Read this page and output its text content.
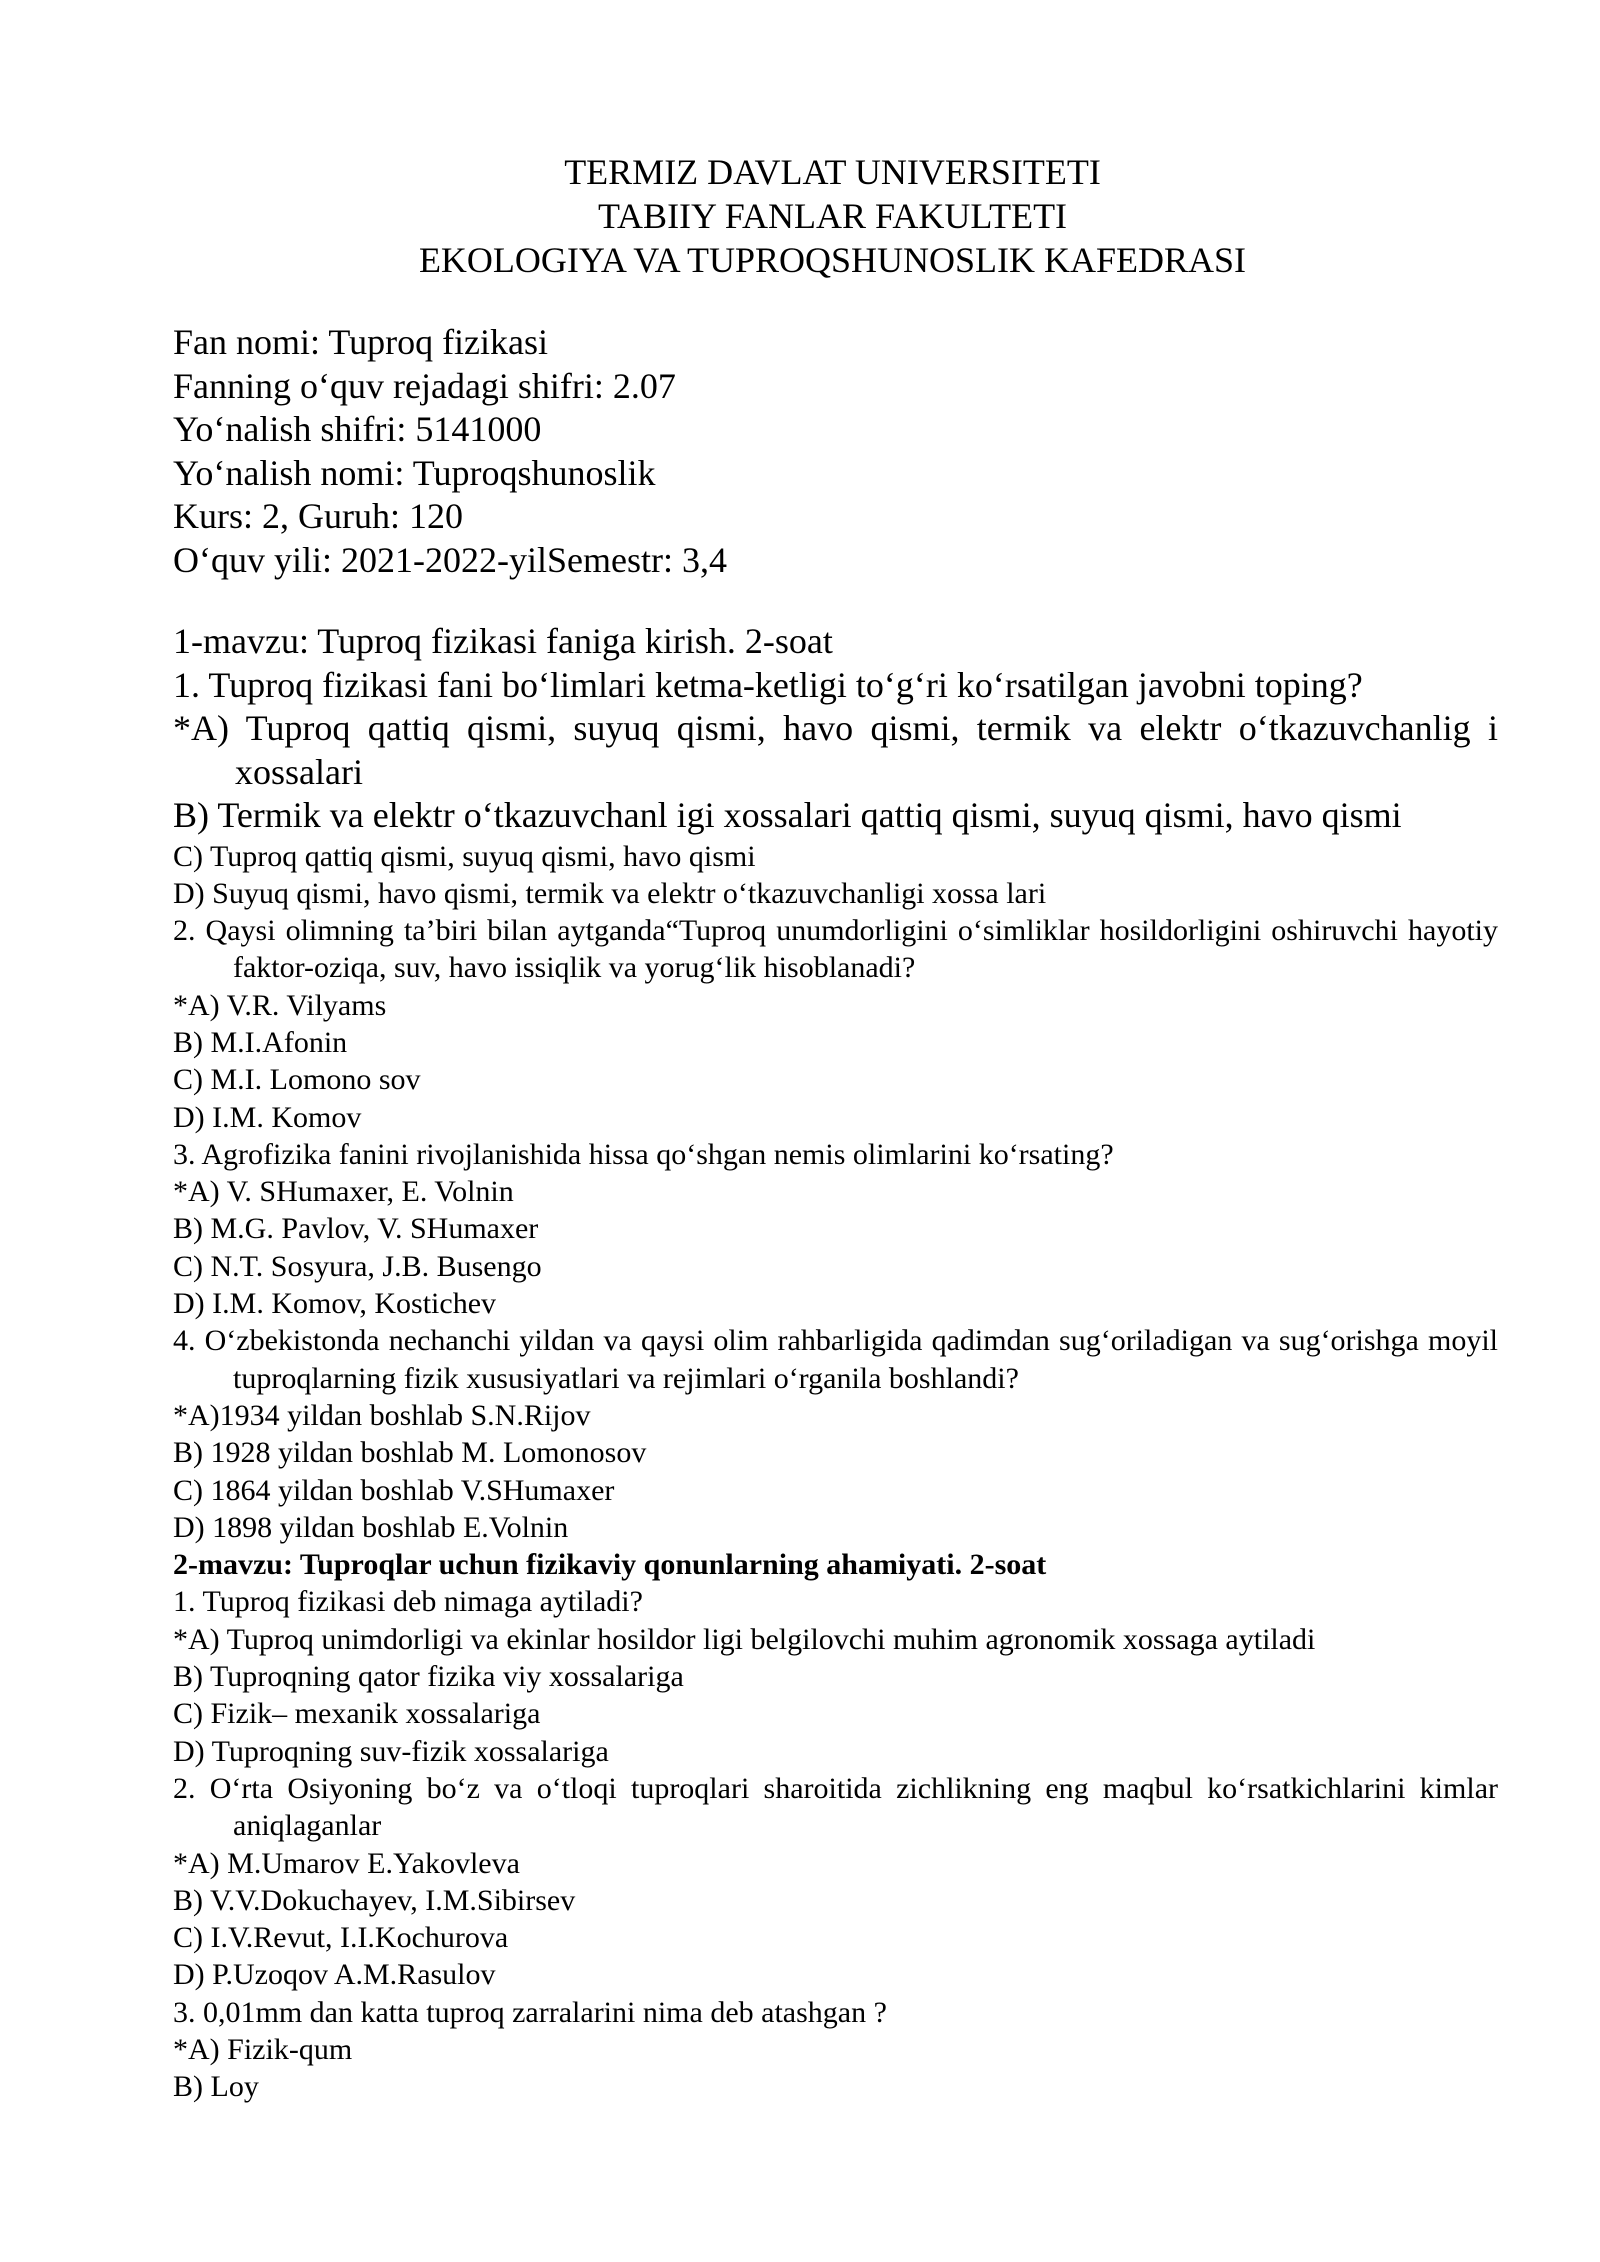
TERMIZ DAVLAT UNIVERSITETI
TABIIY FANLAR FAKULTETI
EKOLOGIYA VA TUPROQSHUNOSLIK KAFEDRASI
Fan nomi: Tuproq fizikasi
Fanning o‘quv rejadagi shifri: 2.07
Yo‘nalish shifri: 5141000
Yo‘nalish nomi: Tuproqshunoslik
Kurs: 2, Guruh: 120
O‘quv yili: 2021-2022-yilSemestr: 3,4
1-mavzu: Tuproq fizikasi faniga kirish. 2-soat
1. Tuproq fizikasi fani bo‘limlari ketma-ketligi to‘g‘ri ko‘rsatilgan javobni toping?
*A) Tuproq qattiq qismi, suyuq qismi, havo qismi, termik va elektr o‘tkazuvchanlig i xossalari
B) Termik va elektr o‘tkazuvchanl igi xossalari qattiq qismi, suyuq qismi, havo qismi
C) Tuproq qattiq qismi, suyuq qismi, havo qismi
D) Suyuq qismi, havo qismi, termik va elektr o‘tkazuvchanligi xossa lari
2. Qaysi olimning ta’biri bilan aytganda“Tuproq unumdorligini o‘simliklar hosildorligini oshiruvchi hayotiy faktor-oziqa, suv, havo issiqlik va yorug‘lik hisoblanadi?
*A) V.R. Vilyams
B) M.I.Afonin
C) M.I. Lomono sov
D) I.M. Komov
3. Agrofizika fanini rivojlanishida hissa qo‘shgan nemis olimlarini ko‘rsating?
*A) V. SHumaxer, E. Volnin
B) M.G. Pavlov, V. SHumaxer
C) N.T. Sosyura, J.B. Busengo
D) I.M. Komov, Kostichev
4. O‘zbekistonda nechanchi yildan va qaysi olim rahbarligida qadimdan sug‘oriladigan va sug‘orishga moyil tuproqlarning fizik xususiyatlari va rejimlari o‘rganila boshlandi?
*A)1934 yildan boshlab S.N.Rijov
B) 1928 yildan boshlab M. Lomonosov
C) 1864 yildan boshlab V.SHumaxer
D) 1898 yildan boshlab E.Volnin
2-mavzu: Tuproqlar uchun fizikaviy qonunlarning ahamiyati. 2-soat
1. Tuproq fizikasi deb nimaga aytiladi?
*A) Tuproq unimdorligi va ekinlar hosildor ligi belgilovchi muhim agronomik xossaga aytiladi
B) Tuproqning qator fizika viy xossalariga
C) Fizik– mexanik xossalariga
D) Tuproqning suv-fizik xossalariga
2. O‘rta Osiyoning bo‘z va o‘tloqi tuproqlari sharoitida zichlikning eng maqbul ko‘rsatkichlarini kimlar aniqlaganlar
*A) M.Umarov E.Yakovleva
B) V.V.Dokuchayev, I.M.Sibirsev
C) I.V.Revut, I.I.Kochurova
D) P.Uzoqov A.M.Rasulov
3. 0,01mm dan katta tuproq zarralarini nima deb atashgan ?
*A) Fizik-qum
B) Loy
